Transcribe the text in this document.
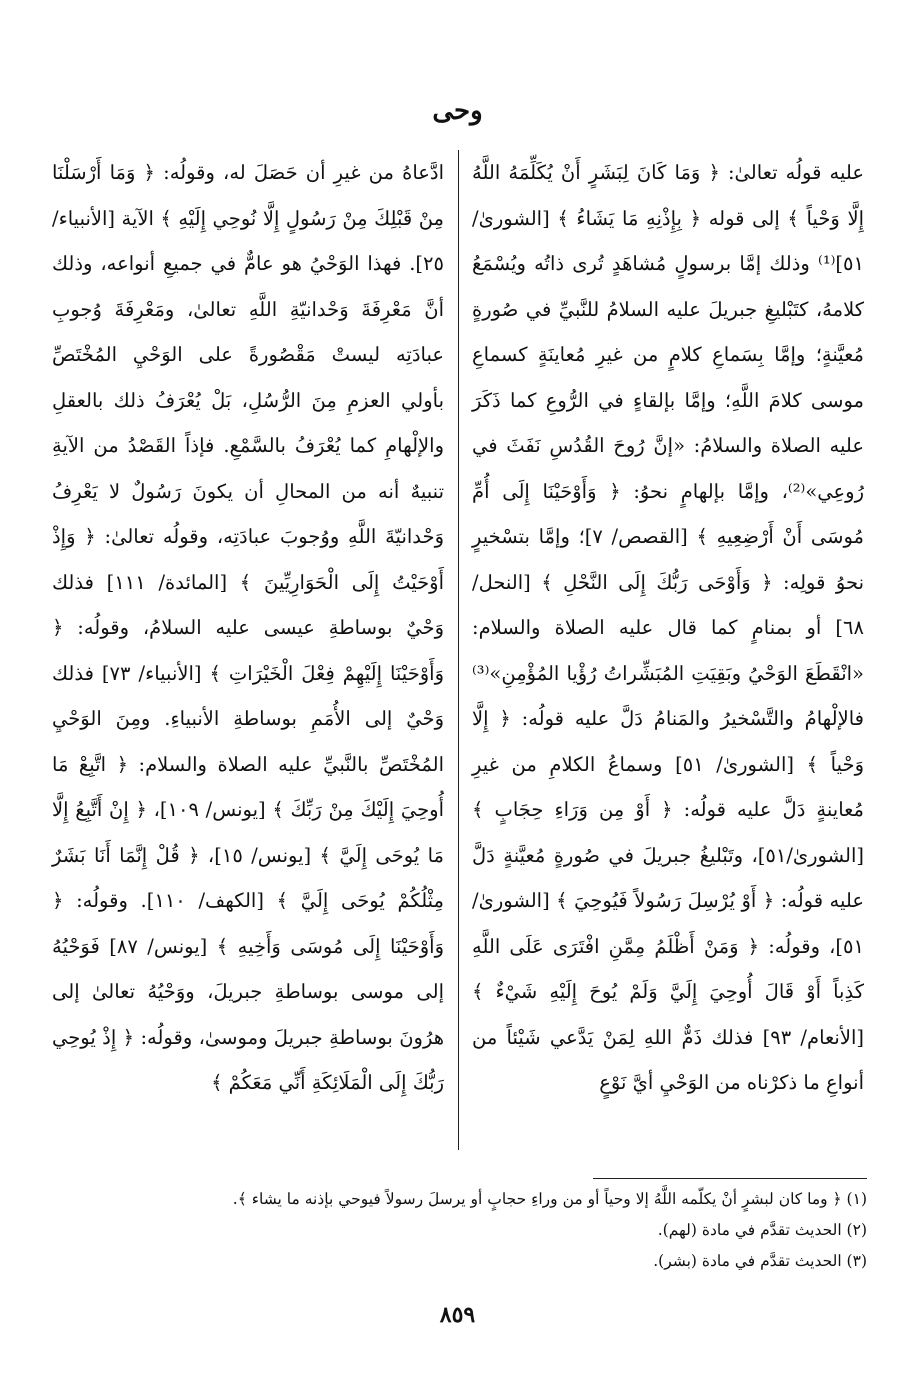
وحى

عليه قولُه تعالىٰ: ﴿ وَمَا كَانَ لِبَشَرٍ أَنْ يُكَلِّمَهُ اللَّهُ إِلَّا وَحْياً ﴾ إلى قوله ﴿ بِإِذْنِهِ مَا يَشَاءُ ﴾ [الشورىٰ/٥١]⁽¹⁾ وذلك إمَّا برسولٍ مُشاهَدٍ تُرى ذاتُه ويُسْمَعُ كلامهُ، كتَبْليغِ جبريلَ عليه السلامُ للنَّبيِّ في صُورةٍ مُعيَّنةٍ؛ وإمَّا بِسَماعِ كلامٍ من غيرِ مُعاينَةٍ كسماعِ موسى كلامَ اللَّهِ؛ وإمَّا بإلقاءٍ في الرُّوعِ كما ذَكَرَ عليه الصلاة والسلامُ: «إنَّ رُوحَ القُدُسِ نَفَثَ في رُوعِي»⁽²⁾، وإمَّا بإلهامٍ نحوُ: ﴿ وَأَوْحَيْنَا إِلَى أُمِّ مُوسَى أَنْ أَرْضِعِيهِ ﴾ [القصص/ ٧]؛ وإمَّا بتسْخيرٍ نحوُ قولِه: ﴿ وَأَوْحَى رَبُّكَ إِلَى النَّحْلِ ﴾ [النحل/ ٦٨] أو بمنامٍ كما قال عليه الصلاة والسلام: «انْقَطَعَ الوَحْيُ وبَقِيَتِ المُبَشِّراتُ رُؤْيا المُؤْمِنِ»⁽³⁾ فالإلْهامُ والتَّسْخيرُ والمَنامُ دَلَّ عليه قولُه: ﴿ إِلَّا وَحْياً ﴾ [الشورىٰ/ ٥١] وسماعُ الكلامِ من غيرِ مُعاينةٍ دَلَّ عليه قولُه: ﴿ أَوْ مِن وَرَاءِ حِجَابٍ ﴾ [الشورىٰ/٥١]، وتَبْليغُ جبريلَ في صُورةٍ مُعيَّنةٍ دَلَّ عليه قولُه: ﴿ أَوْ يُرْسِلَ رَسُولاً فَيُوحِيَ ﴾ [الشورىٰ/٥١]، وقولُه: ﴿ وَمَنْ أَظْلَمُ مِمَّنِ افْتَرَى عَلَى اللَّهِ كَذِباً أَوْ قَالَ أُوحِيَ إِلَيَّ وَلَمْ يُوحَ إِلَيْهِ شَيْءٌ ﴾ [الأنعام/ ٩٣] فذلك ذَمٌّ اللهِ لِمَنْ يَدَّعي شَيْئاً من أنواعِ ما ذكرْناه من الوَحْيِ أيَّ نَوْعٍ

ادَّعاهُ من غيرِ أن حَصَلَ له، وقولُه: ﴿ وَمَا أَرْسَلْنَا مِنْ قَبْلِكَ مِنْ رَسُولٍ إِلَّا نُوحِي إِلَيْهِ ﴾ الآية [الأنبياء/ ٢٥]. فهذا الوَحْيُ هو عامٌّ في جميعِ أنواعه، وذلك أنَّ مَعْرِفَةَ وَحْدانيّةِ اللَّهِ تعالىٰ، ومَعْرِفَةَ وُجوبِ عبادَتِه ليستْ مَقْصُورةً على الوَحْيِ المُخْتَصِّ بأولي العزمِ مِنَ الرُّسُلِ، بَلْ يُعْرَفُ ذلك بالعقلِ والإلْهامِ كما يُعْرَفُ بالسَّمْعِ. فإذاً القَصْدُ من الآيةِ تنبيهٌ أنه من المحالِ أن يكونَ رَسُولٌ لا يَعْرِفُ وَحْدانيّةَ اللَّهِ ووُجوبَ عبادَتِه، وقولُه تعالىٰ: ﴿ وَإِذْ أَوْحَيْتُ إِلَى الْحَوَارِيِّينَ ﴾ [المائدة/ ١١١] فذلك وَحْيٌ بوساطةِ عيسى عليه السلامُ، وقولُه: ﴿ وَأَوْحَيْنَا إِلَيْهِمْ فِعْلَ الْخَيْرَاتِ ﴾ [الأنبياء/ ٧٣] فذلك وَحْيٌ إلى الأُمَمِ بوساطةِ الأنبياءِ. ومِنَ الوَحْيِ المُخْتَصِّ بالنَّبيِّ عليه الصلاة والسلام: ﴿ اتَّبِعْ مَا أُوحِيَ إِلَيْكَ مِنْ رَبِّكَ ﴾ [يونس/ ١٠٩]، ﴿ إِنْ أَتَّبِعُ إِلَّا مَا يُوحَى إِلَيَّ ﴾ [يونس/ ١٥]، ﴿ قُلْ إِنَّمَا أَنَا بَشَرٌ مِثْلُكُمْ يُوحَى إِلَيَّ ﴾ [الكهف/ ١١٠]. وقولُه: ﴿ وَأَوْحَيْنَا إِلَى مُوسَى وَأَخِيهِ ﴾ [يونس/ ٨٧] فَوَحْيُهُ إلى موسى بوساطةِ جبريلَ، ووَحْيُهُ تعالىٰ إلى هرُونَ بوساطةِ جبريلَ وموسىٰ، وقولُه: ﴿ إِذْ يُوحِي رَبُّكَ إِلَى الْمَلَائِكَةِ أَنِّي مَعَكُمْ ﴾

(١) ﴿ وما كان لبشرٍ أنْ يكلّمه اللَّهُ إلا وحياً أو من وراءِ حجابٍ أو يرسلَ رسولاً فيوحي بإذنه ما يشاء ﴾.

(٢) الحديث تقدَّم في مادة (لهم).

(٣) الحديث تقدَّم في مادة (بشر).

٨٥٩
